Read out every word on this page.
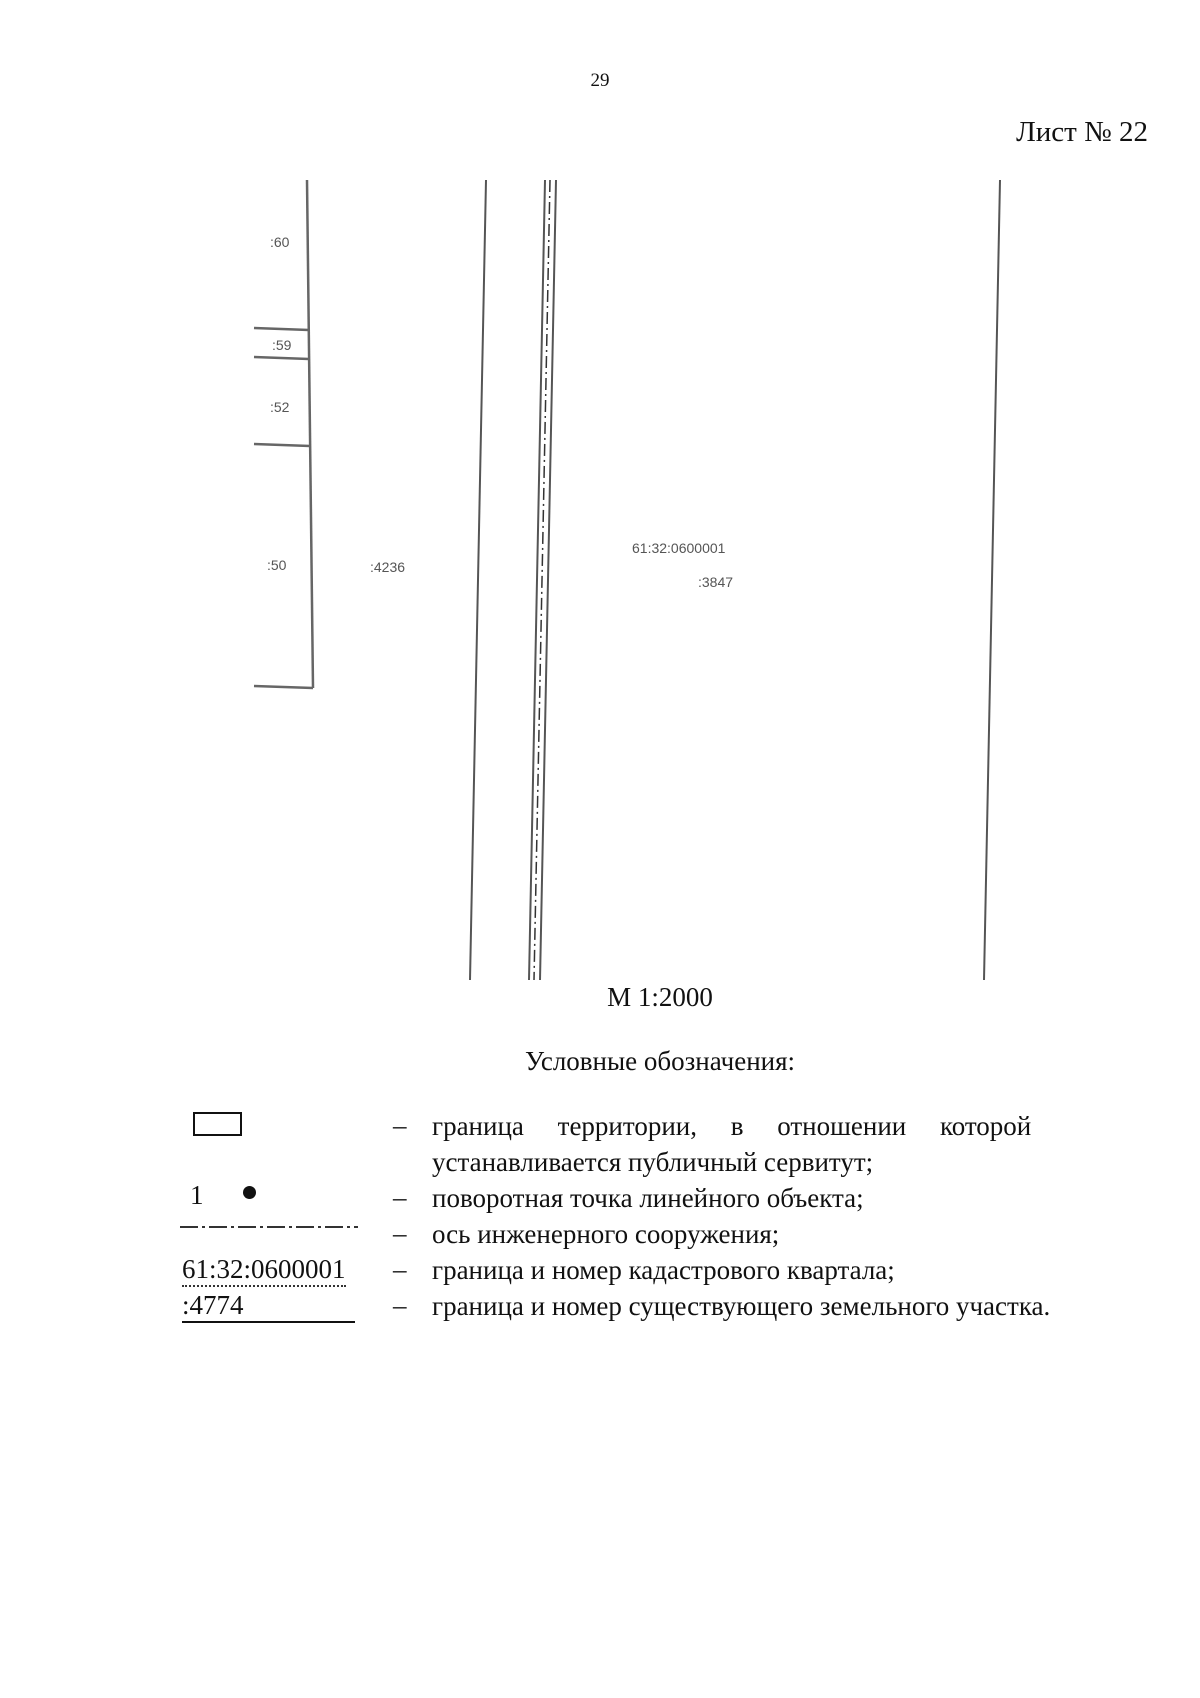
29
Лист № 22
:60
:59
:52
:50	:4236
61:32:0600001
:3847
М 1:2000
Условные обозначения:
– граница     территории,     в     отношении     которой
устанавливается публичный сервитут;
1	– поворотная точка линейного объекта;
– ось инженерного сооружения;
61:32:0600001 – граница и номер кадастрового квартала;
:4774	– граница и номер существующего земельного участка.
